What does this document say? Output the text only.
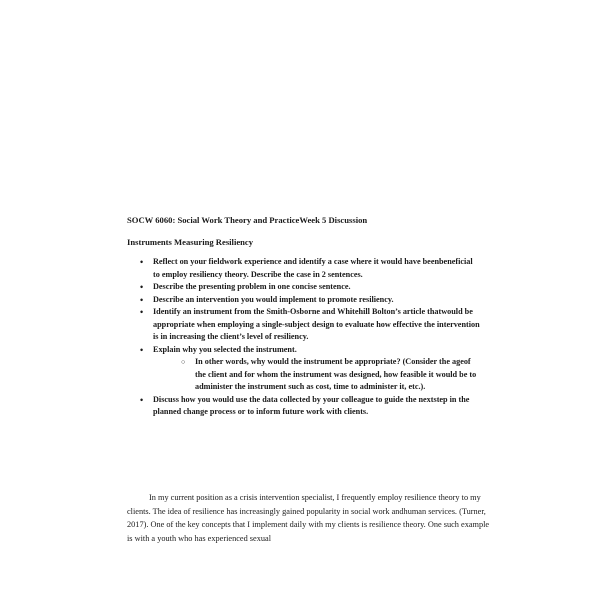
SOCW 6060: Social Work Theory and PracticeWeek 5 Discussion
Instruments Measuring Resiliency
• Reflect on your fieldwork experience and identify a case where it would have beenbeneficial to employ resiliency theory. Describe the case in 2 sentences.
• Describe the presenting problem in one concise sentence.
• Describe an intervention you would implement to promote resiliency.
• Identify an instrument from the Smith-Osborne and Whitehill Bolton’s article thatwould be appropriate when employing a single-subject design to evaluate how effective the intervention is in increasing the client’s level of resiliency.
• Explain why you selected the instrument.
○ In other words, why would the instrument be appropriate? (Consider the ageof the client and for whom the instrument was designed, how feasible it would be to administer the instrument such as cost, time to administer it, etc.).
• Discuss how you would use the data collected by your colleague to guide the nextstep in the planned change process or to inform future work with clients.

In my current position as a crisis intervention specialist, I frequently employ resilience theory to my clients. The idea of resilience has increasingly gained popularity in social work andhuman services. (Turner, 2017). One of the key concepts that I implement daily with my clients is resilience theory. One such example is with a youth who has experienced sexual
